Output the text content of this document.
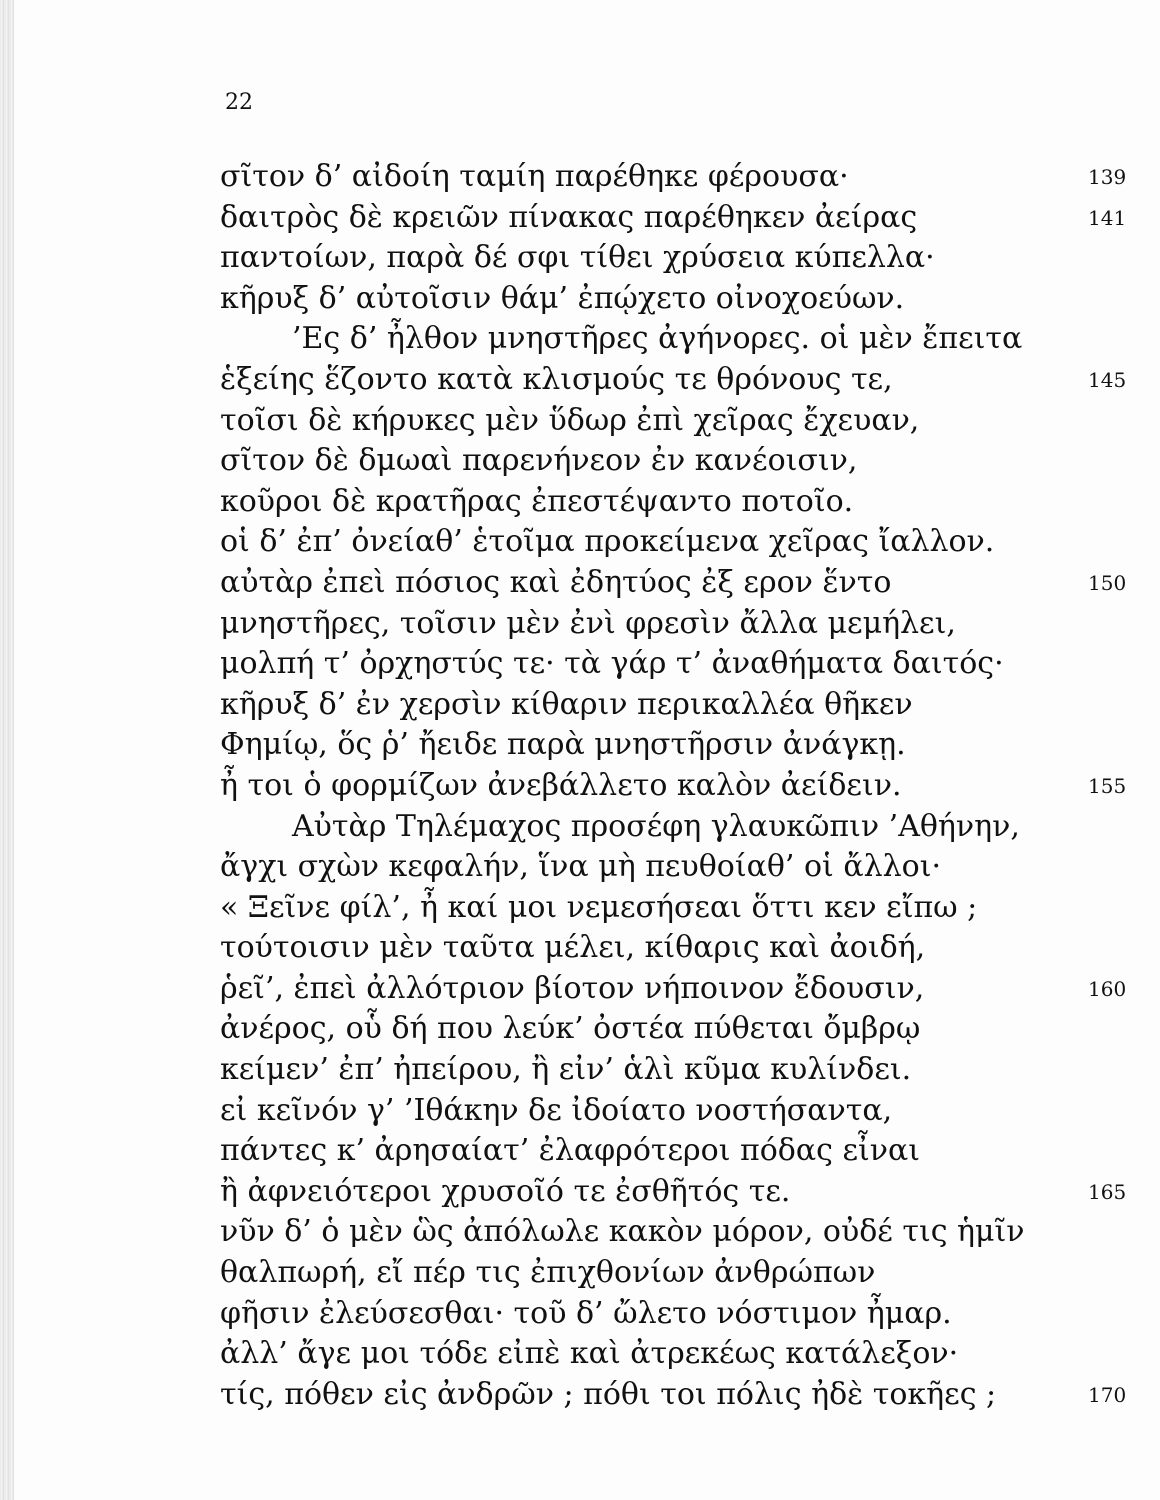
22
σῖτον δ’ αἰδοίη ταμίη παρέθηκε φέρουσα·	139
δαιτρὸς δὲ κρειῶν πίνακας παρέθηκεν ἀείρας	141
παντοίων, παρὰ δέ σφι τίθει χρύσεια κύπελλα·
κῆρυξ δ’ αὐτοῖσιν θάμ’ ἐπῴχετο οἰνοχοεύων.
’Ες δ’ ἦλθον μνηστῆρες ἀγήνορες. οἱ μὲν ἔπειτα
ἑξείης ἕζοντο κατὰ κλισμούς τε θρόνους τε,	145
τοῖσι δὲ κήρυκες μὲν ὕδωρ ἐπὶ χεῖρας ἔχευαν,
σῖτον δὲ δμωαὶ παρενήνεον ἐν κανέοισιν,
κοῦροι δὲ κρατῆρας ἐπεστέψαντο ποτοῖο.
οἱ δ’ ἐπ’ ὀνείαθ’ ἑτοῖμα προκείμενα χεῖρας ἴαλλον.
αὐτὰρ ἐπεὶ πόσιος καὶ ἐδητύος ἐξ ερον ἕντο	150
μνηστῆρες, τοῖσιν μὲν ἐνὶ φρεσὶν ἄλλα μεμήλει,
μολπή τ’ ὀρχηστύς τε· τὰ γάρ τ’ ἀναθήματα δαιτός·
κῆρυξ δ’ ἐν χερσὶν κίθαριν περικαλλέα θῆκεν
Φημίῳ, ὅς ῥ’ ἤειδε παρὰ μνηστῆρσιν ἀνάγκῃ.
ἦ τοι ὁ φορμίζων ἀνεβάλλετο καλὸν ἀείδειν.	155
Αὐτὰρ Τηλέμαχος προσέφη γλαυκῶπιν ’Αθήνην,
ἄγχι σχὼν κεφαλήν, ἵνα μὴ πευθοίαθ’ οἱ ἄλλοι·
« Ξεῖνε φίλ’, ἦ καί μοι νεμεσήσεαι ὅττι κεν εἴπω ;
τούτοισιν μὲν ταῦτα μέλει, κίθαρις καὶ ἀοιδή,
ῥεῖ’, ἐπεὶ ἀλλότριον βίοτον νήποινον ἔδουσιν,	160
ἀνέρος, οὗ δή που λεύκ’ ὀστέα πύθεται ὄμβρῳ
κείμεν’ ἐπ’ ἠπείρου, ἢ εἰν’ ἁλὶ κῦμα κυλίνδει.
εἰ κεῖνόν γ’ ’Ιθάκην δε ἰδοίατο νοστήσαντα,
πάντες κ’ ἀρησαίατ’ ἐλαφρότεροι πόδας εἶναι
ἢ ἀφνειότεροι χρυσοῖό τε ἐσθῆτός τε.	165
νῦν δ’ ὁ μὲν ὣς ἀπόλωλε κακὸν μόρον, οὐδέ τις ἡμῖν
θαλπωρή, εἴ πέρ τις ἐπιχθονίων ἀνθρώπων
φῆσιν ἐλεύσεσθαι· τοῦ δ’ ὤλετο νόστιμον ἦμαρ.
ἀλλ’ ἄγε μοι τόδε εἰπὲ καὶ ἀτρεκέως κατάλεξον·
τίς, πόθεν εἰς ἀνδρῶν ; πόθι τοι πόλις ἠδὲ τοκῆες ;	170
